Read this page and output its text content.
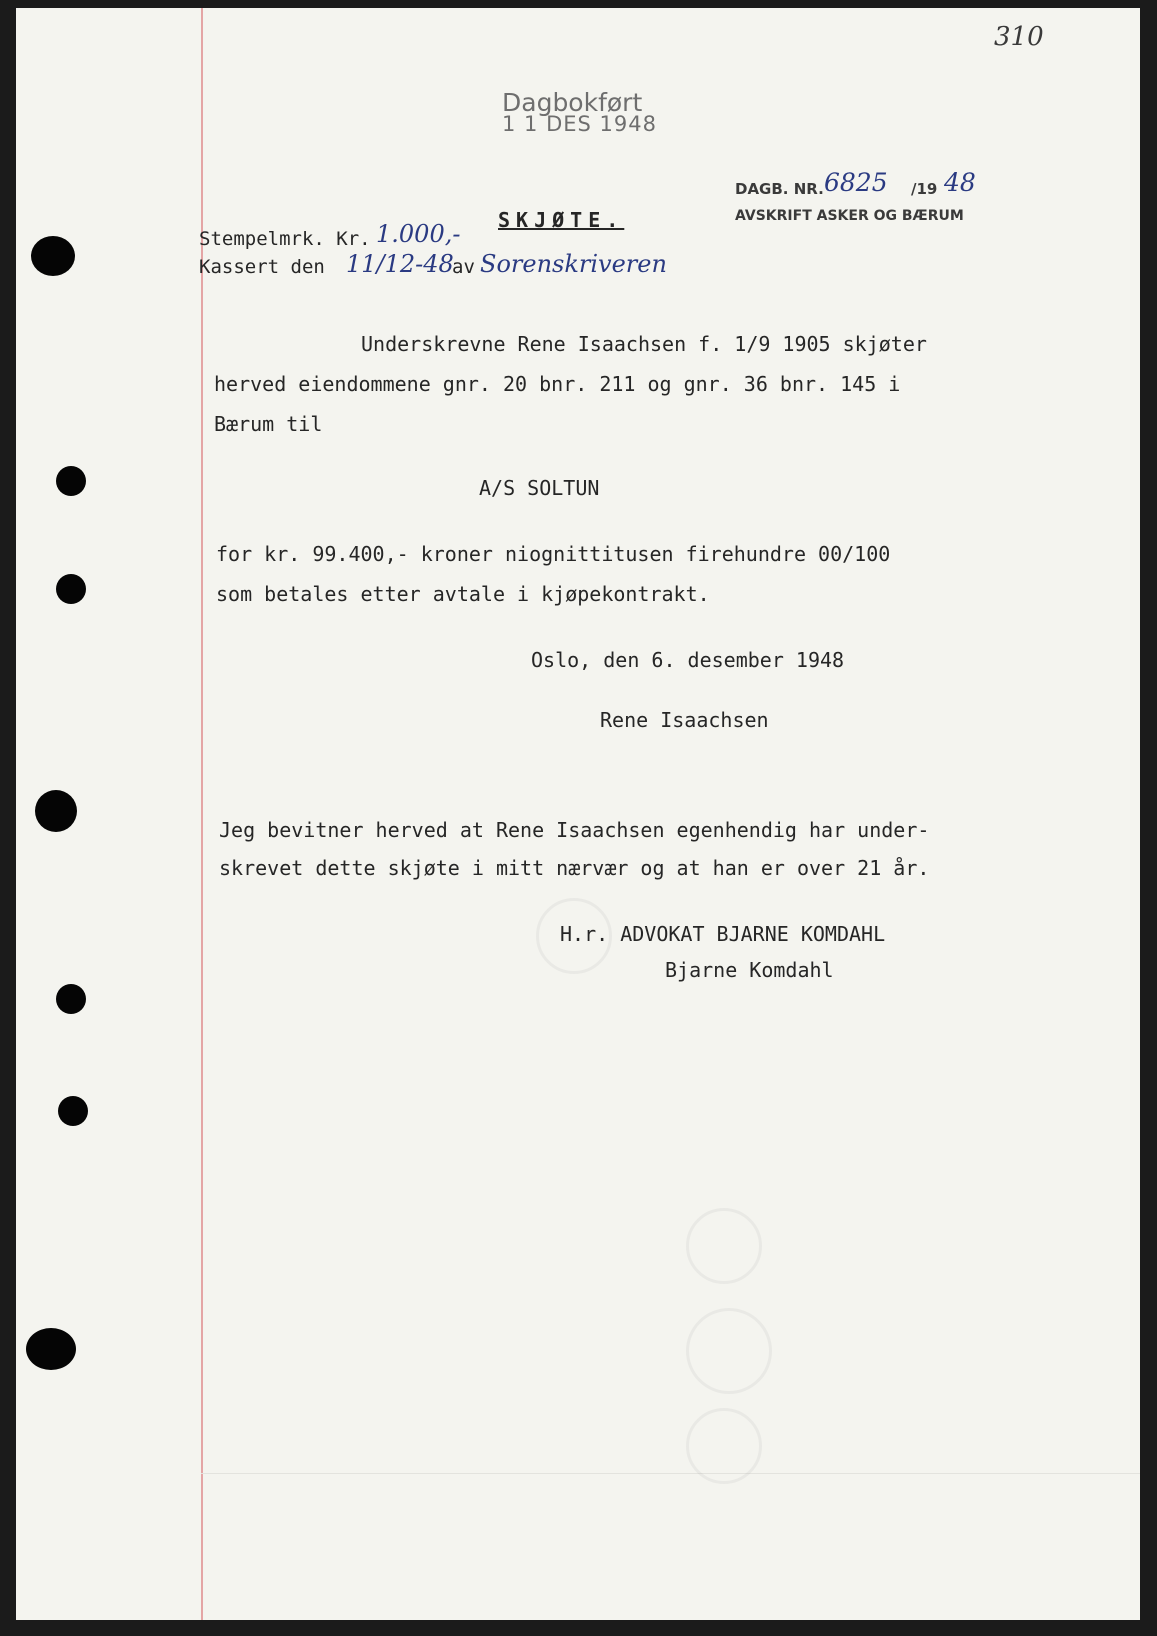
310
Dagbokført
1 1 DES 1948
DAGB. NR. 6825 /19 48
AVSKRIFT ASKER OG BÆRUM
Stempelmrk. Kr. 1.000,- SKJØTE.
Kassert den 11/12-48
av Sorenskriveren
Underskrevne Rene Isaachsen f. 1/9 1905 skjøter
herved eiendommene gnr. 20 bnr. 211 og gnr. 36 bnr. 145 i
Bærum til
A/S SOLTUN
for kr. 99.400,- kroner niognittitusen firehundre 00/100
som betales etter avtale i kjøpekontrakt.
Oslo, den 6. desember 1948
Rene Isaachsen
Jeg bevitner herved at Rene Isaachsen egenhendig har under-
skrevet dette skjøte i mitt nærvær og at han er over 21 år.
H.r. ADVOKAT BJARNE KOMDAHL
Bjarne Komdahl
